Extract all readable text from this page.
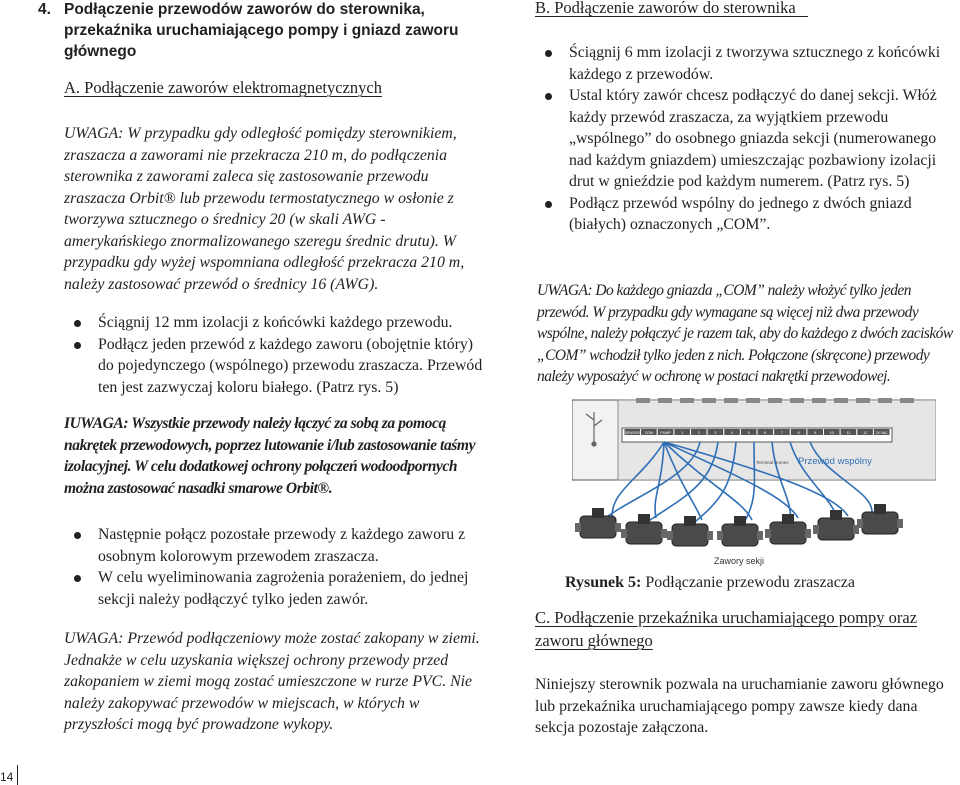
4. Podłączenie przewodów zaworów do sterownika, przekaźnika uruchamiającego pompy i gniazd zaworu głównego
A. Podłączenie zaworów elektromagnetycznych

UWAGA: W przypadku gdy odległość pomiędzy sterownikiem, zraszacza a zaworami nie przekracza 210 m, do podłączenia sterownika z zaworami zaleca się zastosowanie przewodu zraszacza Orbit® lub przewodu termostatycznego w osłonie z tworzywa sztucznego o średnicy 20 (w skali AWG - amerykańskiego znormalizowanego szeregu średnic drutu). W przypadku gdy wyżej wspomniana odległość przekracza 210 m, należy zastosować przewód o średnicy 16 (AWG).

Ściągnij 12 mm izolacji z końcówki każdego przewodu.
Podłącz jeden przewód z każdego zaworu (obojętnie który) do pojedynczego (wspólnego) przewodu zraszacza. Przewód ten jest zazwyczaj koloru białego. (Patrz rys. 5)

IUWAGA: Wszystkie przewody należy łączyć za sobą za pomocą nakrętek przewodowych, poprzez lutowanie i/lub zastosowanie taśmy izolacyjnej. W celu dodatkowej ochrony połączeń wodoodpornych można zastosować nasadki smarowe Orbit®.

Następnie połącz pozostałe przewody z każdego zaworu z osobnym kolorowym przewodem zraszacza.
W celu wyeliminowania zagrożenia porażeniem, do jednej sekcji należy podłączyć tylko jeden zawór.

UWAGA: Przewód podłączeniowy może zostać zakopany w ziemi. Jednakże w celu uzyskania większej ochrony przewody przed zakopaniem w ziemi mogą zostać umieszczone w rurze PVC. Nie należy zakopywać przewodów w miejscach, w których w przyszłości mogą być prowadzone wykopy.

14
B. Podłączenie zaworów do sterownika
Ściągnij 6 mm izolacji z tworzywa sztucznego z końcówki każdego z przewodów.
Ustal który zawór chcesz podłączyć do danej sekcji. Włóż każdy przewód zraszacza, za wyjątkiem przewodu „wspólnego” do osobnego gniazda sekcji (numerowanego nad każdym gniazdem) umieszczając pozbawiony izolacji drut w gnieździe pod każdym numerem. (Patrz rys. 5)
Podłącz przewód wspólny do jednego z dwóch gniazd (białych) oznaczonych „COM”.

UWAGA: Do każdego gniazda „COM” należy włożyć tylko jeden przewód. W przypadku gdy wymagane są więcej niż dwa przewody wspólne, należy połączyć je razem tak, aby do każdego z dwóch zacisków „COM” wchodził tylko jeden z nich. Połączone (skręcone) przewody należy wyposażyć w ochronę w postaci nakrętki przewodowej.

SENSOR COM PUMP	1	2	3	4	5	6	7	8	9	10	11	12 24 VAC
Terminal Bornes Przewód wspólny
Zawory sekji
Rysunek 5: Podłączanie przewodu zraszacza
C. Podłączenie przekaźnika uruchamiającego pompy oraz zaworu głównego

Niniejszy sterownik pozwala na uruchamianie zaworu głównego lub przekaźnika uruchamiającego pompy zawsze kiedy dana sekcja pozostaje załączona.
